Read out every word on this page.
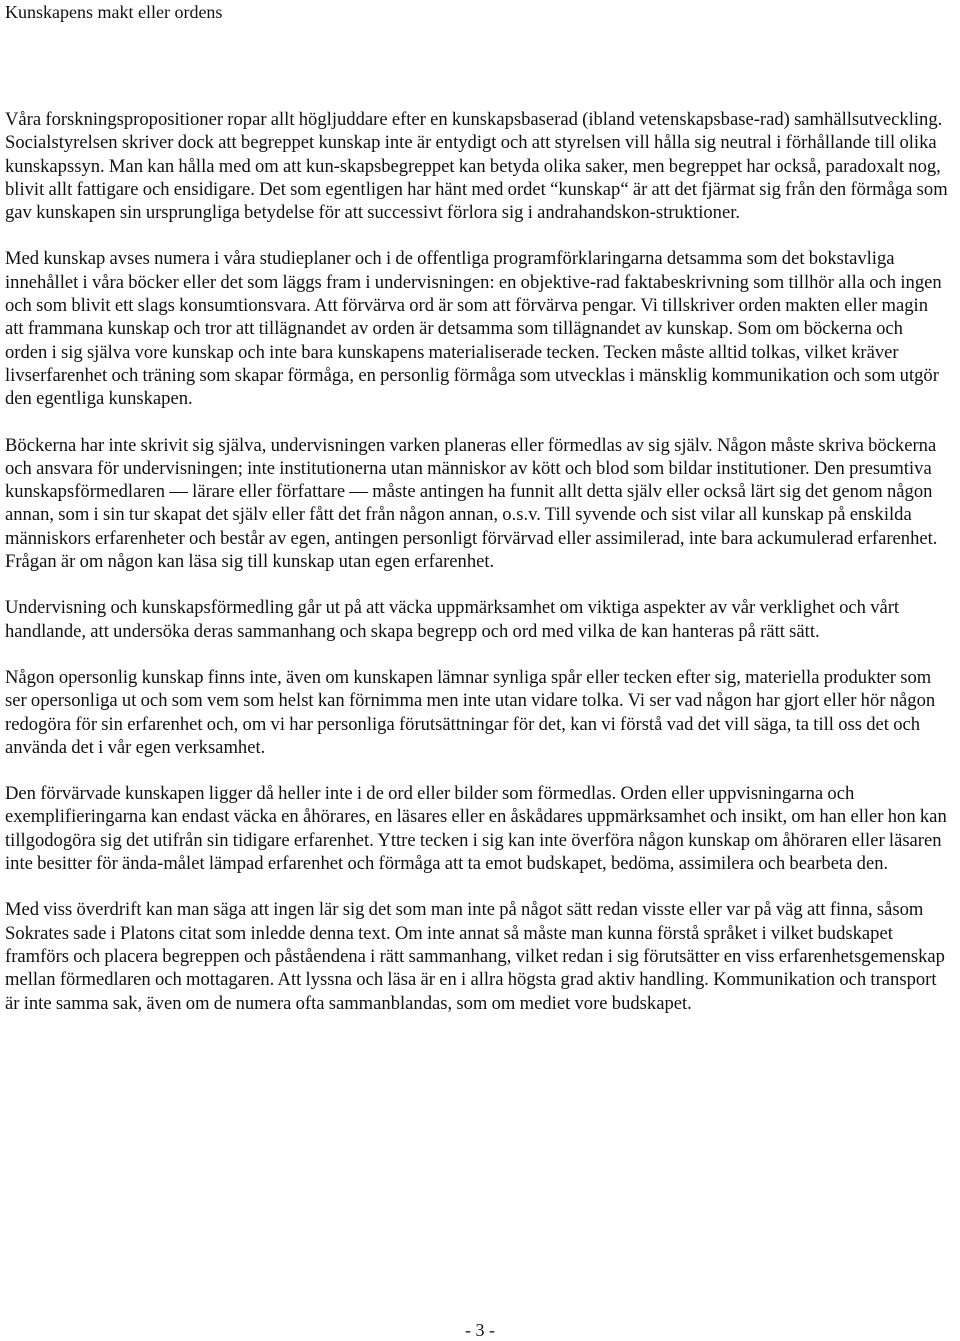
Kunskapens makt eller ordens

Våra forskningspropositioner ropar allt högljuddare efter en kunskapsbaserad (ibland vetenskapsbase-rad) samhällsutveckling. Socialstyrelsen skriver dock att begreppet kunskap inte är entydigt och att styrelsen vill hålla sig neutral i förhållande till olika kunskapssyn. Man kan hålla med om att kun-skapsbegreppet kan betyda olika saker, men begreppet har också, paradoxalt nog, blivit allt fattigare och ensidigare. Det som egentligen har hänt med ordet “kunskap“ är att det fjärmat sig från den förmåga som gav kunskapen sin ursprungliga betydelse för att successivt förlora sig i andrahandskon-struktioner.

Med kunskap avses numera i våra studieplaner och i de offentliga programförklaringarna detsamma som det bokstavliga innehållet i våra böcker eller det som läggs fram i undervisningen: en objektive-rad faktabeskrivning som tillhör alla och ingen och som blivit ett slags konsumtionsvara. Att förvärva ord är som att förvärva pengar. Vi tillskriver orden makten eller magin att frammana kunskap och tror att tillägnandet av orden är detsamma som tillägnandet av kunskap. Som om böckerna och orden i sig själva vore kunskap och inte bara kunskapens materialiserade tecken. Tecken måste alltid tolkas, vilket kräver livserfarenhet och träning som skapar förmåga, en personlig förmåga som utvecklas i mänsklig kommunikation och som utgör den egentliga kunskapen.

Böckerna har inte skrivit sig själva, undervisningen varken planeras eller förmedlas av sig själv. Någon måste skriva böckerna och ansvara för undervisningen; inte institutionerna utan människor av kött och blod som bildar institutioner. Den presumtiva kunskapsförmedlaren — lärare eller författare — måste antingen ha funnit allt detta själv eller också lärt sig det genom någon annan, som i sin tur skapat det själv eller fått det från någon annan, o.s.v. Till syvende och sist vilar all kunskap på enskilda människors erfarenheter och består av egen, antingen personligt förvärvad eller assimilerad, inte bara ackumulerad erfarenhet. Frågan är om någon kan läsa sig till kunskap utan egen erfarenhet.

Undervisning och kunskapsförmedling går ut på att väcka uppmärksamhet om viktiga aspekter av vår verklighet och vårt handlande, att undersöka deras sammanhang och skapa begrepp och ord med vilka de kan hanteras på rätt sätt.

Någon opersonlig kunskap finns inte, även om kunskapen lämnar synliga spår eller tecken efter sig, materiella produkter som ser opersonliga ut och som vem som helst kan förnimma men inte utan vidare tolka. Vi ser vad någon har gjort eller hör någon redogöra för sin erfarenhet och, om vi har personliga förutsättningar för det, kan vi förstå vad det vill säga, ta till oss det och använda det i vår egen verksamhet.

Den förvärvade kunskapen ligger då heller inte i de ord eller bilder som förmedlas. Orden eller uppvisningarna och exemplifieringarna kan endast väcka en åhörares, en läsares eller en åskådares uppmärksamhet och insikt, om han eller hon kan tillgodogöra sig det utifrån sin tidigare erfarenhet. Yttre tecken i sig kan inte överföra någon kunskap om åhöraren eller läsaren inte besitter för ända-målet lämpad erfarenhet och förmåga att ta emot budskapet, bedöma, assimilera och bearbeta den.

Med viss överdrift kan man säga att ingen lär sig det som man inte på något sätt redan visste eller var på väg att finna, såsom Sokrates sade i Platons citat som inledde denna text. Om inte annat så måste man kunna förstå språket i vilket budskapet framförs och placera begreppen och påståendena i rätt sammanhang, vilket redan i sig förutsätter en viss erfarenhetsgemenskap mellan förmedlaren och mottagaren. Att lyssna och läsa är en i allra högsta grad aktiv handling. Kommunikation och transport är inte samma sak, även om de numera ofta sammanblandas, som om mediet vore budskapet.

- 3 -
